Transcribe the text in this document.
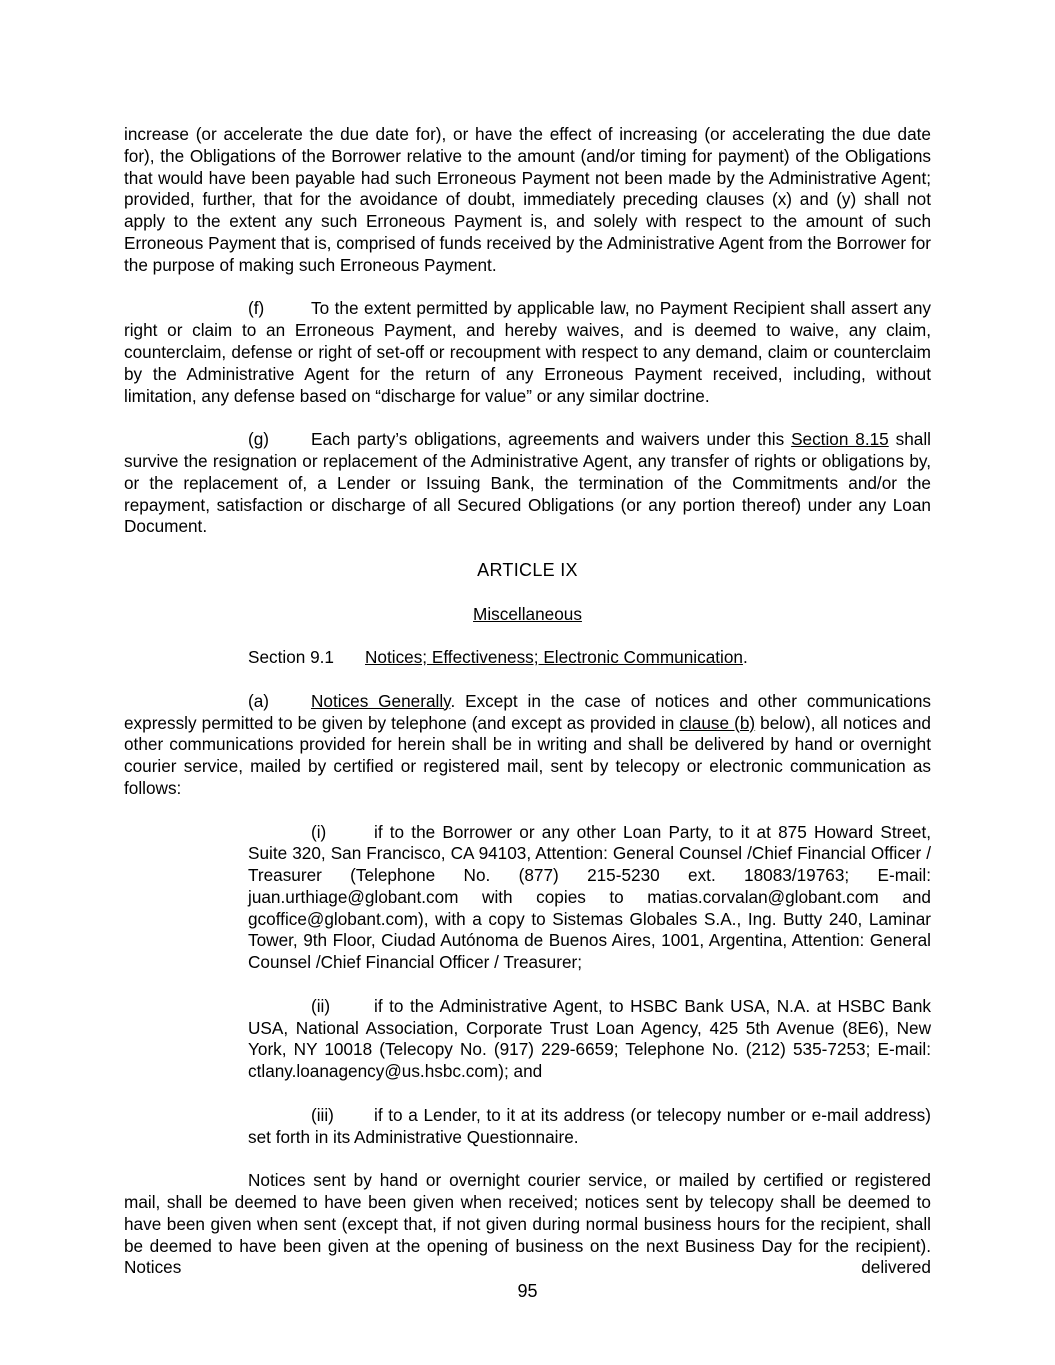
increase (or accelerate the due date for), or have the effect of increasing (or accelerating the due date for), the Obligations of the Borrower relative to the amount (and/or timing for payment) of the Obligations that would have been payable had such Erroneous Payment not been made by the Administrative Agent; provided, further, that for the avoidance of doubt, immediately preceding clauses (x) and (y) shall not apply to the extent any such Erroneous Payment is, and solely with respect to the amount of such Erroneous Payment that is, comprised of funds received by the Administrative Agent from the Borrower for the purpose of making such Erroneous Payment.

(f)	To the extent permitted by applicable law, no Payment Recipient shall assert any right or claim to an Erroneous Payment, and hereby waives, and is deemed to waive, any claim, counterclaim, defense or right of set-off or recoupment with respect to any demand, claim or counterclaim by the Administrative Agent for the return of any Erroneous Payment received, including, without limitation, any defense based on “discharge for value” or any similar doctrine.

(g) Each party’s obligations, agreements and waivers under this Section 8.15 shall survive the resignation or replacement of the Administrative Agent, any transfer of rights or obligations by, or the replacement of, a Lender or Issuing Bank, the termination of the Commitments and/or the repayment, satisfaction or discharge of all Secured Obligations (or any portion thereof) under any Loan Document.

ARTICLE IX

Miscellaneous

Section 9.1 Notices; Effectiveness; Electronic Communication.

(a) Notices Generally. Except in the case of notices and other communications expressly permitted to be given by telephone (and except as provided in clause (b) below), all notices and other communications provided for herein shall be in writing and shall be delivered by hand or overnight courier service, mailed by certified or registered mail, sent by telecopy or electronic communication as follows:

(i)	if to the Borrower or any other Loan Party, to it at 875 Howard Street, Suite 320, San Francisco, CA 94103, Attention: General Counsel /Chief Financial Officer / Treasurer (Telephone No. (877) 215-5230 ext. 18083/19763; E-mail: juan.urthiage@globant.com with copies to matias.corvalan@globant.com and gcoffice@globant.com), with a copy to Sistemas Globales S.A., Ing. Butty 240, Laminar Tower, 9th Floor, Ciudad Autónoma de Buenos Aires, 1001, Argentina, Attention: General Counsel /Chief Financial Officer / Treasurer;

(ii)	if to the Administrative Agent, to HSBC Bank USA, N.A. at HSBC Bank USA, National Association, Corporate Trust Loan Agency, 425 5th Avenue (8E6), New York, NY 10018 (Telecopy No. (917) 229-6659; Telephone No. (212) 535-7253; E-mail: ctlany.loanagency@us.hsbc.com); and

(iii) if to a Lender, to it at its address (or telecopy number or e-mail address) set forth in its Administrative Questionnaire.

Notices sent by hand or overnight courier service, or mailed by certified or registered mail, shall be deemed to have been given when received; notices sent by telecopy shall be deemed to have been given when sent (except that, if not given during normal business hours for the recipient, shall be deemed to have been given at the opening of business on the next Business Day for the recipient). Notices delivered

95
